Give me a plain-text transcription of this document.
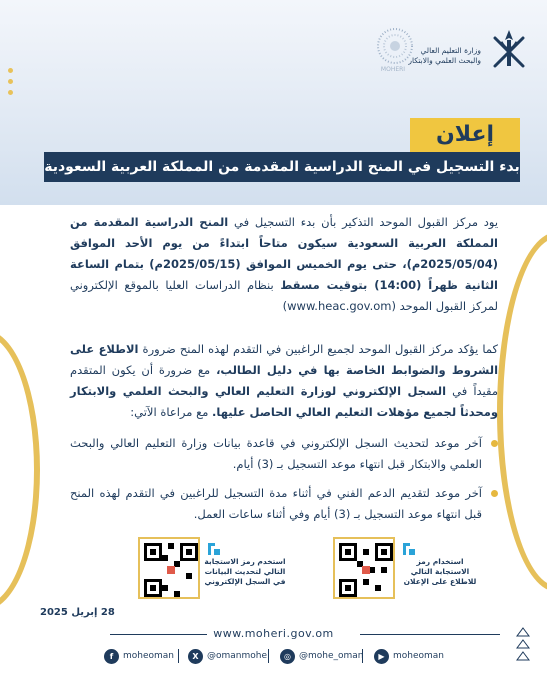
وزارة التعليم العالي
والبحث العلمي والابتكار
MOHERI
إعلان
بدء التسجيل في المنح الدراسية المقدمة من المملكة العربية السعودية

يود مركز القبول الموحد التذكير بأن بدء التسجيل في المنح الدراسية المقدمة من المملكة العربية السعودية سيكون متاحاً ابتداءً من يوم الأحد الموافق (2025/05/04م)، حتى يوم الخميس الموافق (2025/05/15م) بتمام الساعة الثانية ظهراً (14:00) بتوقيت مسقط بنظام الدراسات العليا بالموقع الإلكتروني لمركز القبول الموحد (www.heac.gov.om)

كما يؤكد مركز القبول الموحد لجميع الراغبين في التقدم لهذه المنح ضرورة الاطلاع على الشروط والضوابط الخاصة بها في دليل الطالب، مع ضرورة أن يكون المتقدم مقيداً في السجل الإلكتروني لوزارة التعليم العالي والبحث العلمي والابتكار ومحدثاً لجميع مؤهلات التعليم العالي الحاصل عليها. مع مراعاة الآتي:

آخر موعد لتحديث السجل الإلكتروني في قاعدة بيانات وزارة التعليم العالي والبحث العلمي والابتكار قبل انتهاء موعد التسجيل بـ (3) أيام.
آخر موعد لتقديم الدعم الفني في أثناء مدة التسجيل للراغبين في التقدم لهذه المنح قبل انتهاء موعد التسجيل بـ (3) أيام وفي أثناء ساعات العمل.
استخدام رمز الاستجابة التالي للاطلاع على الإعلان
استخدم رمز الاستجابة التالي لتحديث البيانات في السجل الإلكتروني
28 إبريل 2025
www.moheri.gov.om
▶ moheoman
◎ @mohe_oman
X @omanmohe
f	moheoman
